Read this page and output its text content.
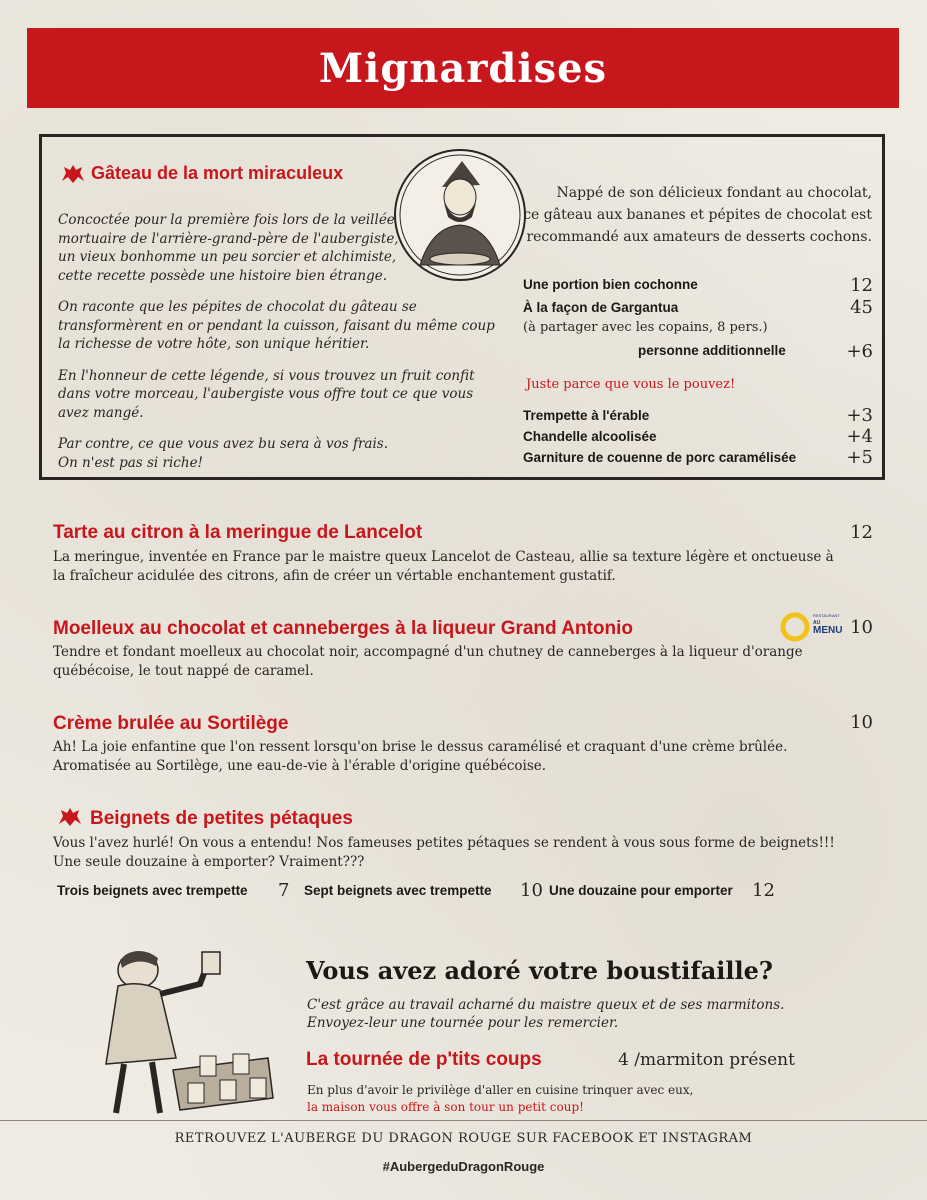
Mignardises
Gâteau de la mort miraculeux
Concoctée pour la première fois lors de la veillée
mortuaire de l'arrière-grand-père de l'aubergiste,
un vieux bonhomme un peu sorcier et alchimiste,
cette recette possède une histoire bien étrange.
On raconte que les pépites de chocolat du gâteau se
transformèrent en or pendant la cuisson, faisant du même coup
la richesse de votre hôte, son unique héritier.
En l'honneur de cette légende, si vous trouvez un fruit confit
dans votre morceau, l'aubergiste vous offre tout ce que vous
avez mangé.
Par contre, ce que vous avez bu sera à vos frais.
On n'est pas si riche!
Nappé de son délicieux fondant au chocolat,
ce gâteau aux bananes et pépites de chocolat est
recommandé aux amateurs de desserts cochons.
Une portion bien cochonne	12
À la façon de Gargantua	45
(à partager avec les copains, 8 pers.)
personne additionnelle	+6
Juste parce que vous le pouvez!
Trempette à l'érable	+3
Chandelle alcoolisée	+4
Garniture de couenne de porc caramélisée	+5
Tarte au citron à la meringue de Lancelot	12
La meringue, inventée en France par le maistre queux Lancelot de Casteau, allie sa texture légère et onctueuse à
la fraîcheur acidulée des citrons, afin de créer un vértable enchantement gustatif.
Moelleux au chocolat et canneberges à la liqueur Grand Antonio
RESTAURANT
AU
MENU 10
Tendre et fondant moelleux au chocolat noir, accompagné d'un chutney de canneberges à la liqueur d'orange
québécoise, le tout nappé de caramel.
Crème brulée au Sortilège	10
Ah! La joie enfantine que l'on ressent lorsqu'on brise le dessus caramélisé et craquant d'une crème brûlée.
Aromatisée au Sortilège, une eau-de-vie à l'érable d'origine québécoise.
Beignets de petites pétaques
Vous l'avez hurlé! On vous a entendu! Nos fameuses petites pétaques se rendent à vous sous forme de beignets!!!
Une seule douzaine à emporter? Vraiment???
Trois beignets avec trempette 7 Sept beignets avec trempette 10 Une douzaine pour emporter 12
Vous avez adoré votre boustifaille?
C'est grâce au travail acharné du maistre queux et de ses marmitons.
Envoyez-leur une tournée pour les remercier.
La tournée de p'tits coups	4 /marmiton présent
En plus d'avoir le privilège d'aller en cuisine trinquer avec eux,
la maison vous offre à son tour un petit coup!
RETROUVEZ L'AUBERGE DU DRAGON ROUGE SUR FACEBOOK ET INSTAGRAM
#AubergeduDragonRouge
